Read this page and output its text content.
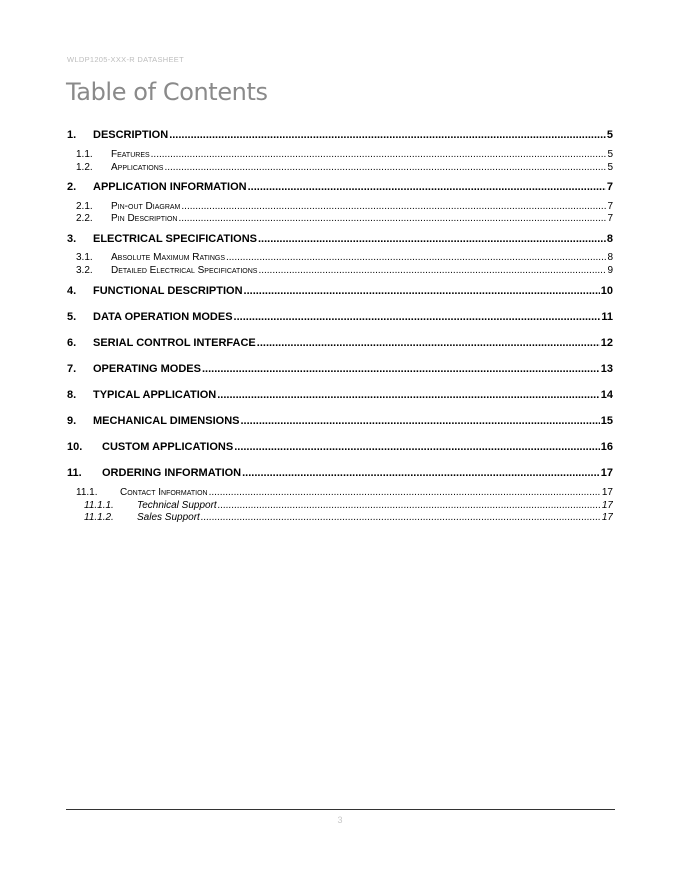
WLDP1205-XXX-R DATASHEET
Table of Contents
1.	DESCRIPTION .....	5
1.1.	Features .....	5
1.2.	Applications .....	5
2.	APPLICATION INFORMATION .....	7
2.1.	Pin-out Diagram .....	7
2.2.	Pin Description .....	7
3.	ELECTRICAL SPECIFICATIONS .....	8
3.1.	Absolute Maximum Ratings .....	8
3.2.	Detailed Electrical Specifications .....	9
4.	FUNCTIONAL DESCRIPTION .....	10
5.	DATA OPERATION MODES .....	11
6.	SERIAL CONTROL INTERFACE .....	12
7.	OPERATING MODES .....	13
8.	TYPICAL APPLICATION .....	14
9.	MECHANICAL DIMENSIONS .....	15
10.	CUSTOM APPLICATIONS .....	16
11.	ORDERING INFORMATION .....	17
11.1.	Contact Information .....	17
11.1.1.	Technical Support .....	17
11.1.2.	Sales Support .....	17
3
